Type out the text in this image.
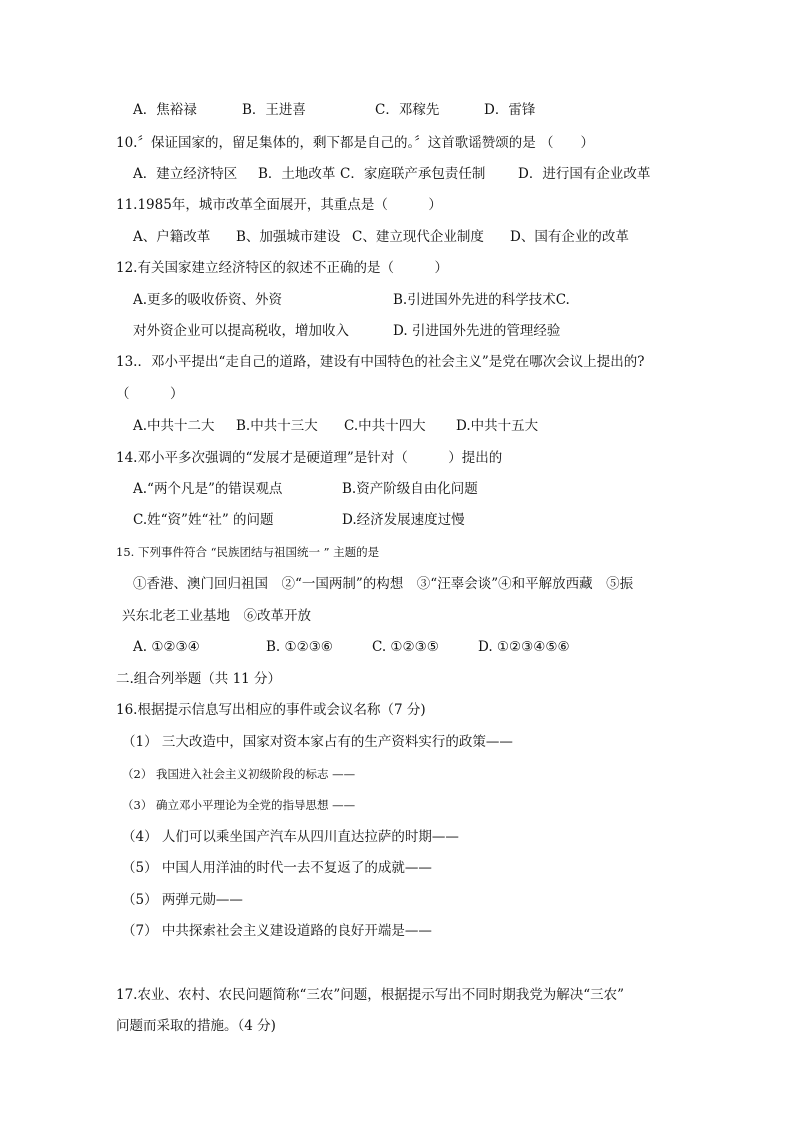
A．焦裕禄	B．王进喜	C．邓稼先	D．雷锋
10.〞保证国家的，留足集体的，剩下都是自己的。〞这首歌谣赞颂的是 （　　）
A．建立经济特区 B．土地改革 C．家庭联产承包责任制 D．进行国有企业改革
11.1985年，城市改革全面展开，其重点是（　　　）
A、户籍改革 B、加强城市建设 C、建立现代企业制度 D、国有企业的改革
12.有关国家建立经济特区的叙述不正确的是（　　　）
A.更多的吸收侨资、外资	B.引进国外先进的科学技术C.
对外资企业可以提高税收，增加收入	D. 引进国外先进的管理经验
13.．邓小平提出“走自己的道路，建设有中国特色的社会主义”是党在哪次会议上提出的?
（　　　）
A.中共十二大 B.中共十三大 C.中共十四大 D.中共十五大
14.邓小平多次强调的“发展才是硬道理”是针对（　　　）提出的
A.“两个凡是”的错误观点	B.资产阶级自由化问题
C.姓“资”姓“社” 的问题	D.经济发展速度过慢
15. 下列事件符合 “民族团结与祖国统一 ” 主题的是
①香港、澳门回归祖国　②“一国两制”的构想　③“汪辜会谈”④和平解放西藏　⑤振
兴东北老工业基地　⑥改革开放
A. ①②③④	B. ①②③⑥	C. ①②③⑤	D. ①②③④⑤⑥
二.组合列举题（共 11 分）
16.根据提示信息写出相应的事件或会议名称（7 分)
（1） 三大改造中，国家对资本家占有的生产资料实行的政策——
（2） 我国进入社会主义初级阶段的标志 ——
（3） 确立邓小平理论为全党的指导思想 ——
（4） 人们可以乘坐国产汽车从四川直达拉萨的时期——
（5） 中国人用洋油的时代一去不复返了的成就——
（5） 两弹元勋——
（7） 中共探索社会主义建设道路的良好开端是——
17.农业、农村、农民问题简称“三农”问题，根据提示写出不同时期我党为解决“三农”
问题而采取的措施。（4 分)
